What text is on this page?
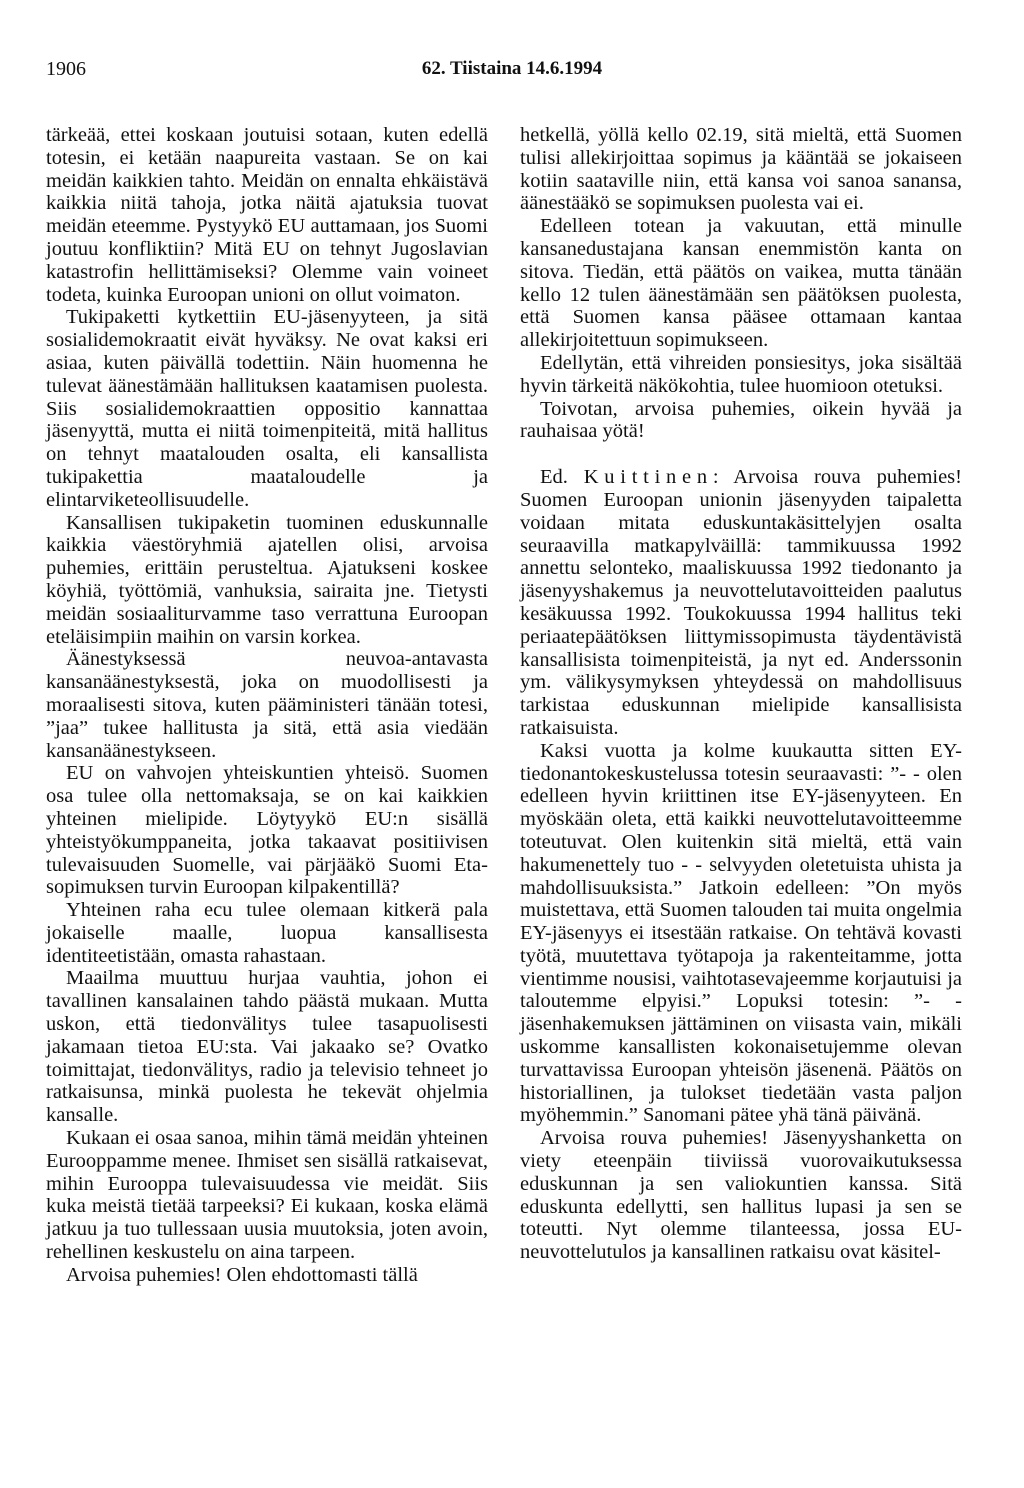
1906	62. Tiistaina 14.6.1994

tärkeää, ettei koskaan joutuisi sotaan, kuten edellä totesin, ei ketään naapureita vastaan. Se on kai meidän kaikkien tahto. Meidän on ennalta ehkäistävä kaikkia niitä tahoja, jotka näitä ajatuksia tuovat meidän eteemme. Pystyykö EU auttamaan, jos Suomi joutuu konfliktiin? Mitä EU on tehnyt Jugoslavian katastrofin hellittämiseksi? Olemme vain voineet todeta, kuinka Euroopan unioni on ollut voimaton.

Tukipaketti kytkettiin EU-jäsenyyteen, ja sitä sosialidemokraatit eivät hyväksy. Ne ovat kaksi eri asiaa, kuten päivällä todettiin. Näin huomenna he tulevat äänestämään hallituksen kaatamisen puolesta. Siis sosialidemokraattien oppositio kannattaa jäsenyyttä, mutta ei niitä toimenpiteitä, mitä hallitus on tehnyt maatalouden osalta, eli kansallista tukipakettia maataloudelle ja elintarviketeollisuudelle.

Kansallisen tukipaketin tuominen eduskunnalle kaikkia väestöryhmiä ajatellen olisi, arvoisa puhemies, erittäin perusteltua. Ajatukseni koskee köyhiä, työttömiä, vanhuksia, sairaita jne. Tietysti meidän sosiaaliturvamme taso verrattuna Euroopan eteläisimpiin maihin on varsin korkea.

Äänestyksessä neuvoa-antavasta kansanäänestyksestä, joka on muodollisesti ja moraalisesti sitova, kuten pääministeri tänään totesi, ”jaa” tukee hallitusta ja sitä, että asia viedään kansanäänestykseen.

EU on vahvojen yhteiskuntien yhteisö. Suomen osa tulee olla nettomaksaja, se on kai kaikkien yhteinen mielipide. Löytyykö EU:n sisällä yhteistyökumppaneita, jotka takaavat positiivisen tulevaisuuden Suomelle, vai pärjääkö Suomi Eta-sopimuksen turvin Euroopan kilpakentillä?

Yhteinen raha ecu tulee olemaan kitkerä pala jokaiselle maalle, luopua kansallisesta identiteetistään, omasta rahastaan.

Maailma muuttuu hurjaa vauhtia, johon ei tavallinen kansalainen tahdo päästä mukaan. Mutta uskon, että tiedonvälitys tulee tasapuolisesti jakamaan tietoa EU:sta. Vai jakaako se? Ovatko toimittajat, tiedonvälitys, radio ja televisio tehneet jo ratkaisunsa, minkä puolesta he tekevät ohjelmia kansalle.

Kukaan ei osaa sanoa, mihin tämä meidän yhteinen Eurooppamme menee. Ihmiset sen sisällä ratkaisevat, mihin Eurooppa tulevaisuudessa vie meidät. Siis kuka meistä tietää tarpeeksi? Ei kukaan, koska elämä jatkuu ja tuo tullessaan uusia muutoksia, joten avoin, rehellinen keskustelu on aina tarpeen.

Arvoisa puhemies! Olen ehdottomasti tällä

hetkellä, yöllä kello 02.19, sitä mieltä, että Suomen tulisi allekirjoittaa sopimus ja kääntää se jokaiseen kotiin saataville niin, että kansa voi sanoa sanansa, äänestääkö se sopimuksen puolesta vai ei.

Edelleen totean ja vakuutan, että minulle kansanedustajana kansan enemmistön kanta on sitova. Tiedän, että päätös on vaikea, mutta tänään kello 12 tulen äänestämään sen päätöksen puolesta, että Suomen kansa pääsee ottamaan kantaa allekirjoitettuun sopimukseen.

Edellytän, että vihreiden ponsiesitys, joka sisältää hyvin tärkeitä näkökohtia, tulee huomioon otetuksi.

Toivotan, arvoisa puhemies, oikein hyvää ja rauhaisaa yötä!

Ed. Kuittinen: Arvoisa rouva puhemies! Suomen Euroopan unionin jäsenyyden taipaletta voidaan mitata eduskuntakäsittelyjen osalta seuraavilla matkapylväillä: tammikuussa 1992 annettu selonteko, maaliskuussa 1992 tiedonanto ja jäsenyyshakemus ja neuvottelutavoitteiden paalutus kesäkuussa 1992. Toukokuussa 1994 hallitus teki periaatepäätöksen liittymissopimusta täydentävistä kansallisista toimenpiteistä, ja nyt ed. Anderssonin ym. välikysymyksen yhteydessä on mahdollisuus tarkistaa eduskunnan mielipide kansallisista ratkaisuista.

Kaksi vuotta ja kolme kuukautta sitten EY-tiedonantokeskustelussa totesin seuraavasti: ”- - olen edelleen hyvin kriittinen itse EY-jäsenyyteen. En myöskään oleta, että kaikki neuvottelutavoitteemme toteutuvat. Olen kuitenkin sitä mieltä, että vain hakumenettely tuo - - selvyyden oletetuista uhista ja mahdollisuuksista.” Jatkoin edelleen: ”On myös muistettava, että Suomen talouden tai muita ongelmia EY-jäsenyys ei itsestään ratkaise. On tehtävä kovasti työtä, muutettava työtapoja ja rakenteitamme, jotta vientimme nousisi, vaihtotasevajeemme korjautuisi ja taloutemme elpyisi.” Lopuksi totesin: ”- - jäsenhakemuksen jättäminen on viisasta vain, mikäli uskomme kansallisten kokonaisetujemme olevan turvattavissa Euroopan yhteisön jäsenenä. Päätös on historiallinen, ja tulokset tiedetään vasta paljon myöhemmin.” Sanomani pätee yhä tänä päivänä.

Arvoisa rouva puhemies! Jäsenyyshanketta on viety eteenpäin tiiviissä vuorovaikutuksessa eduskunnan ja sen valiokuntien kanssa. Sitä eduskunta edellytti, sen hallitus lupasi ja sen se toteutti. Nyt olemme tilanteessa, jossa EU-neuvottelutulos ja kansallinen ratkaisu ovat käsitel-
